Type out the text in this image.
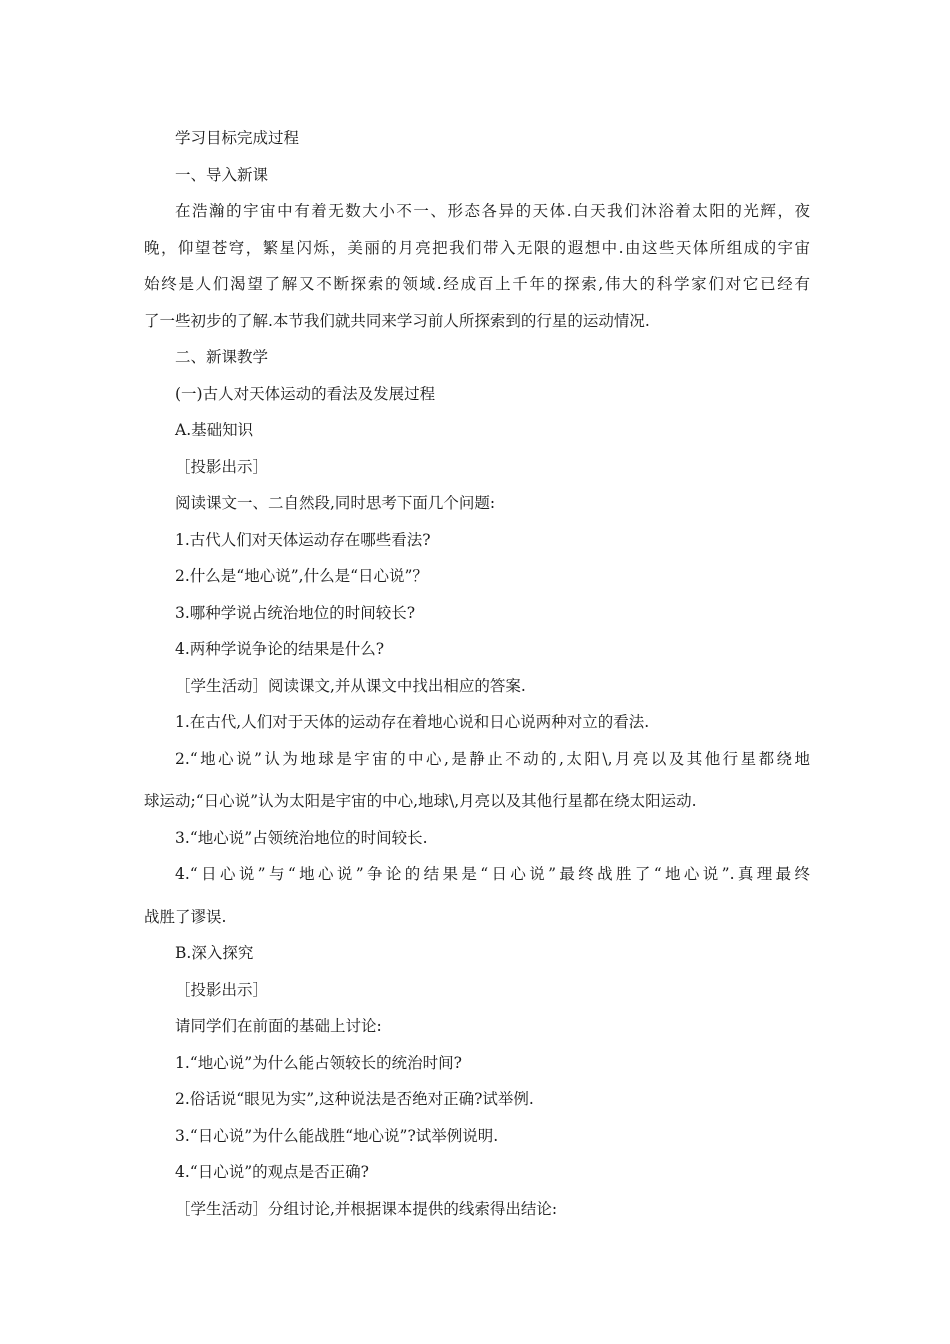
学习目标完成过程
一、导入新课
在浩瀚的宇宙中有着无数大小不一、形态各异的天体.白天我们沐浴着太阳的光辉，夜
晚，仰望苍穹，繁星闪烁，美丽的月亮把我们带入无限的遐想中.由这些天体所组成的宇宙
始终是人们渴望了解又不断探索的领域.经成百上千年的探索,伟大的科学家们对它已经有
了一些初步的了解.本节我们就共同来学习前人所探索到的行星的运动情况.
二、新课教学
(一)古人对天体运动的看法及发展过程
A.基础知识
［投影出示］
阅读课文一、二自然段,同时思考下面几个问题:
1.古代人们对天体运动存在哪些看法?
2.什么是“地心说”,什么是“日心说”？
3.哪种学说占统治地位的时间较长?
4.两种学说争论的结果是什么?
［学生活动］阅读课文,并从课文中找出相应的答案.
1.在古代,人们对于天体的运动存在着地心说和日心说两种对立的看法.
2.“地心说”认为地球是宇宙的中心,是静止不动的,太阳\,月亮以及其他行星都绕地
球运动;“日心说”认为太阳是宇宙的中心,地球\,月亮以及其他行星都在绕太阳运动.
3.“地心说”占领统治地位的时间较长.
4.“日心说”与“地心说”争论的结果是“日心说”最终战胜了“地心说”.真理最终
战胜了谬误.
B.深入探究
［投影出示］
请同学们在前面的基础上讨论:
1.“地心说”为什么能占领较长的统治时间?
2.俗话说“眼见为实”,这种说法是否绝对正确?试举例.
3.“日心说”为什么能战胜“地心说”?试举例说明.
4.“日心说”的观点是否正确?
［学生活动］分组讨论,并根据课本提供的线索得出结论:
